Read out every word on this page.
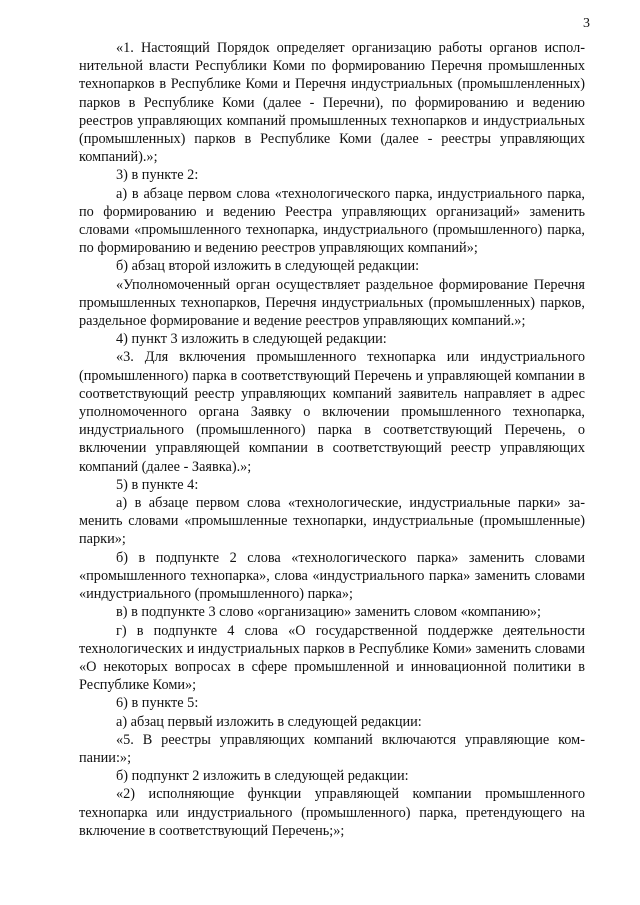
3

«1. Настоящий Порядок определяет организацию работы органов исполнительной власти Республики Коми по формированию Перечня промышленных технопарков в Республике Коми и Перечня индустриальных (промышленленных) парков в Республике Коми (далее - Перечни), по формированию и ведению реестров управляющих компаний промышленных технопарков и индустриальных (промышленных) парков в Республике Коми (далее - реестры управляющих компаний).»;

3) в пункте 2:

а) в абзаце первом слова «технологического парка, индустриального парка, по формированию и ведению Реестра управляющих организаций» заменить словами «промышленного технопарка, индустриального (промышленного) парка, по формированию и ведению реестров управляющих компаний»;

б) абзац второй изложить в следующей редакции:

«Уполномоченный орган осуществляет раздельное формирование Перечня промышленных технопарков, Перечня индустриальных (промышленных) парков, раздельное формирование и ведение реестров управляющих компаний.»;

4) пункт 3 изложить в следующей редакции:

«3. Для включения промышленного технопарка или индустриального (промышленного) парка в соответствующий Перечень и управляющей компании в соответствующий реестр управляющих компаний заявитель направляет в адрес уполномоченного органа Заявку о включении промышленного технопарка, индустриального (промышленного) парка в соответствующий Перечень, о включении управляющей компании в соответствующий реестр управляющих компаний (далее - Заявка).»;

5) в пункте 4:

а) в абзаце первом слова «технологические, индустриальные парки» заменить словами «промышленные технопарки, индустриальные (промышленные) парки»;

б) в подпункте 2 слова «технологического парка» заменить словами «промышленного технопарка», слова «индустриального парка» заменить словами «индустриального (промышленного) парка»;

в) в подпункте 3 слово «организацию» заменить словом «компанию»;

г) в подпункте 4 слова «О государственной поддержке деятельности технологических и индустриальных парков в Республике Коми» заменить словами «О некоторых вопросах в сфере промышленной и инновационной политики в Республике Коми»;

6) в пункте 5:

а) абзац первый изложить в следующей редакции:

«5. В реестры управляющих компаний включаются управляющие компании:»;

б) подпункт 2 изложить в следующей редакции:

«2) исполняющие функции управляющей компании промышленного технопарка или индустриального (промышленного) парка, претендующего на включение в соответствующий Перечень;»;
